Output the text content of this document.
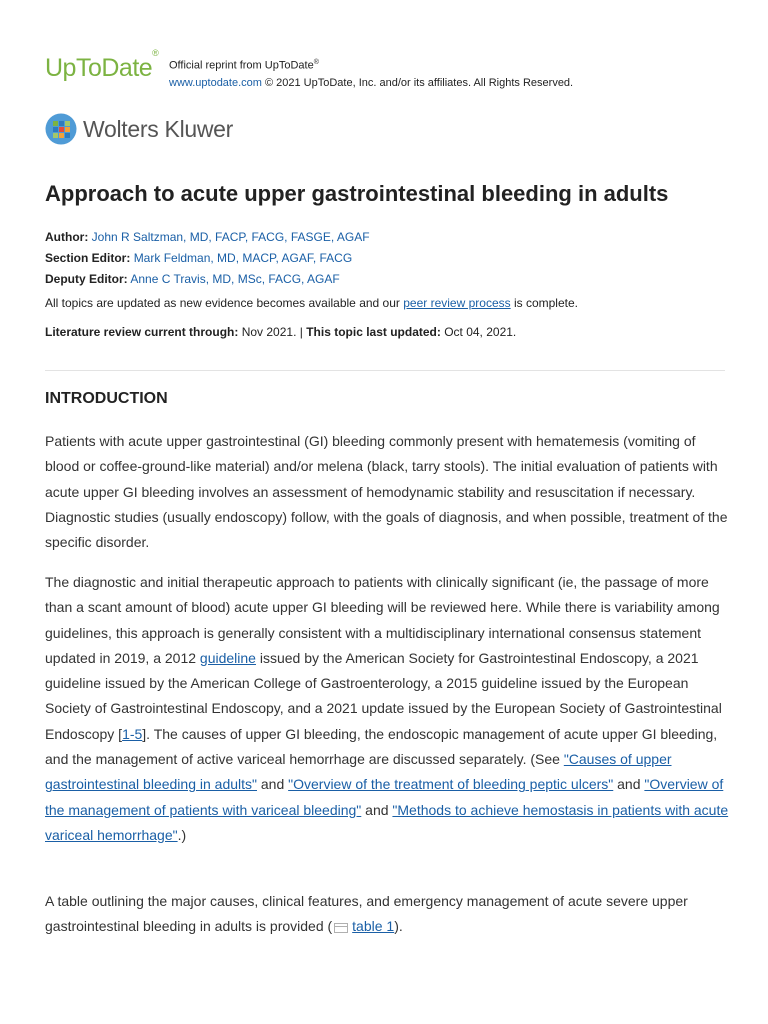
UpToDate®
Official reprint from UpToDate®
www.uptodate.com © 2021 UpToDate, Inc. and/or its affiliates. All Rights Reserved.
Wolters Kluwer
Approach to acute upper gastrointestinal bleeding in adults
Author: John R Saltzman, MD, FACP, FACG, FASGE, AGAF
Section Editor: Mark Feldman, MD, MACP, AGAF, FACG
Deputy Editor: Anne C Travis, MD, MSc, FACG, AGAF
All topics are updated as new evidence becomes available and our peer review process is complete.
Literature review current through: Nov 2021. | This topic last updated: Oct 04, 2021.
INTRODUCTION

Patients with acute upper gastrointestinal (GI) bleeding commonly present with hematemesis (vomiting of blood or coffee-ground-like material) and/or melena (black, tarry stools). The initial evaluation of patients with acute upper GI bleeding involves an assessment of hemodynamic stability and resuscitation if necessary. Diagnostic studies (usually endoscopy) follow, with the goals of diagnosis, and when possible, treatment of the specific disorder.

The diagnostic and initial therapeutic approach to patients with clinically significant (ie, the passage of more than a scant amount of blood) acute upper GI bleeding will be reviewed here. While there is variability among guidelines, this approach is generally consistent with a multidisciplinary international consensus statement updated in 2019, a 2012 guideline issued by the American Society for Gastrointestinal Endoscopy, a 2021 guideline issued by the American College of Gastroenterology, a 2015 guideline issued by the European Society of Gastrointestinal Endoscopy, and a 2021 update issued by the European Society of Gastrointestinal Endoscopy [1-5]. The causes of upper GI bleeding, the endoscopic management of acute upper GI bleeding, and the management of active variceal hemorrhage are discussed separately. (See "Causes of upper gastrointestinal bleeding in adults" and "Overview of the treatment of bleeding peptic ulcers" and "Overview of the management of patients with variceal bleeding" and "Methods to achieve hemostasis in patients with acute variceal hemorrhage".)

A table outlining the major causes, clinical features, and emergency management of acute severe upper gastrointestinal bleeding in adults is provided ( table 1).
